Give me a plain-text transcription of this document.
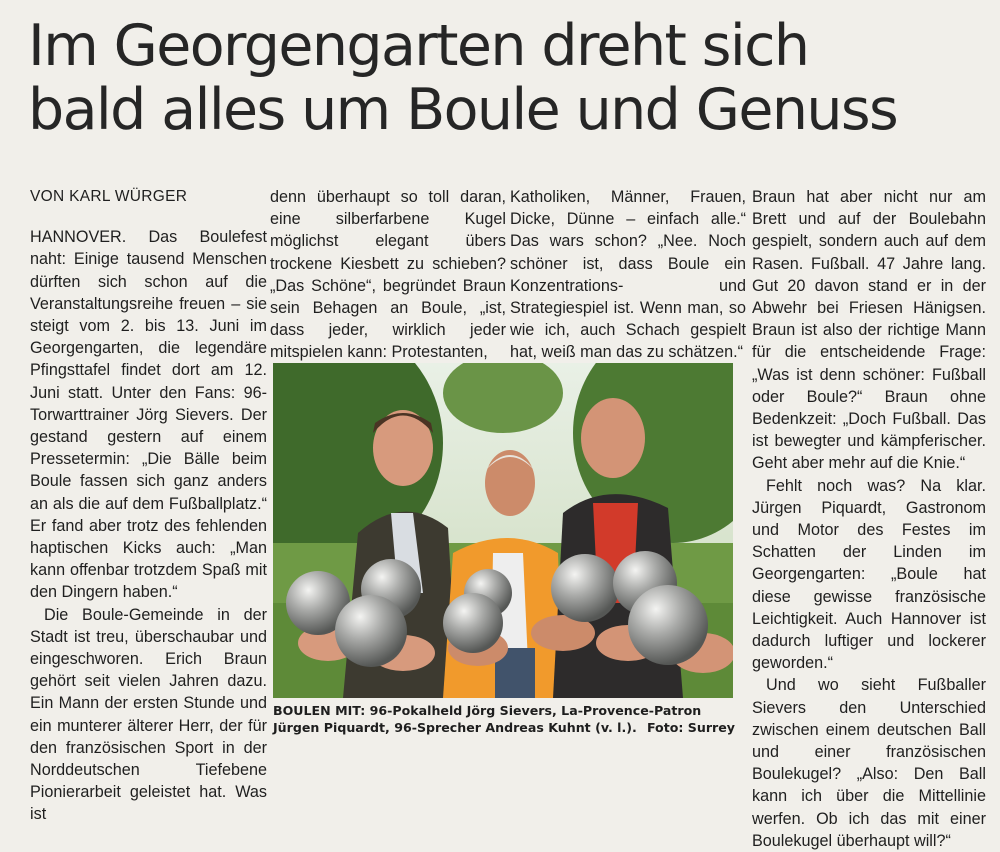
Im Georgengarten dreht sich
bald alles um Boule und Genuss

VON KARL WÜRGER

HANNOVER. Das Boulefest naht: Einige tausend Menschen dürften sich schon auf die Veranstaltungsreihe freuen – sie steigt vom 2. bis 13. Juni im Georgengarten, die legendäre Pfingsttafel findet dort am 12. Juni statt. Unter den Fans: 96-Torwarttrainer Jörg Sievers. Der gestand gestern auf einem Pressetermin: „Die Bälle beim Boule fassen sich ganz anders an als die auf dem Fußballplatz.“ Er fand aber trotz des fehlenden haptischen Kicks auch: „Man kann offenbar trotzdem Spaß mit den Dingern haben.“

Die Boule-Gemeinde in der Stadt ist treu, überschaubar und eingeschworen. Erich Braun gehört seit vielen Jahren dazu. Ein Mann der ersten Stunde und ein munterer älterer Herr, der für den französischen Sport in der Norddeutschen Tiefebene Pionierarbeit geleistet hat. Was ist

denn überhaupt so toll daran, eine silberfarbene Kugel möglichst elegant übers trockene Kiesbett zu schieben? „Das Schöne“, begründet Braun sein Behagen an Boule, „ist, dass jeder, wirklich jeder mitspielen kann: Protestanten,

Katholiken, Männer, Frauen, Dicke, Dünne – einfach alle.“ Das wars schon? „Nee. Noch schöner ist, dass Boule ein Konzentrations- und Strategiespiel ist. Wenn man, so wie ich, auch Schach gespielt hat, weiß man das zu schätzen.“

Braun hat aber nicht nur am Brett und auf der Boulebahn gespielt, sondern auch auf dem Rasen. Fußball. 47 Jahre lang. Gut 20 davon stand er in der Abwehr bei Friesen Hänigsen. Braun ist also der richtige Mann für die entscheidende Frage: „Was ist denn schöner: Fußball oder Boule?“ Braun ohne Bedenkzeit: „Doch Fußball. Das ist bewegter und kämpferischer. Geht aber mehr auf die Knie.“

Fehlt noch was? Na klar. Jürgen Piquardt, Gastronom und Motor des Festes im Schatten der Linden im Georgengarten: „Boule hat diese gewisse französische Leichtigkeit. Auch Hannover ist dadurch luftiger und lockerer geworden.“

Und wo sieht Fußballer Sievers den Unterschied zwischen einem deutschen Ball und einer französischen Boulekugel? „Also: Den Ball kann ich über die Mittellinie werfen. Ob ich das mit einer Boulekugel überhaupt will?“

BOULEN MIT: 96-Pokalheld Jörg Sievers, La-Provence-Patron Jürgen Piquardt, 96-Sprecher Andreas Kuhnt (v. l.). Foto: Surrey
